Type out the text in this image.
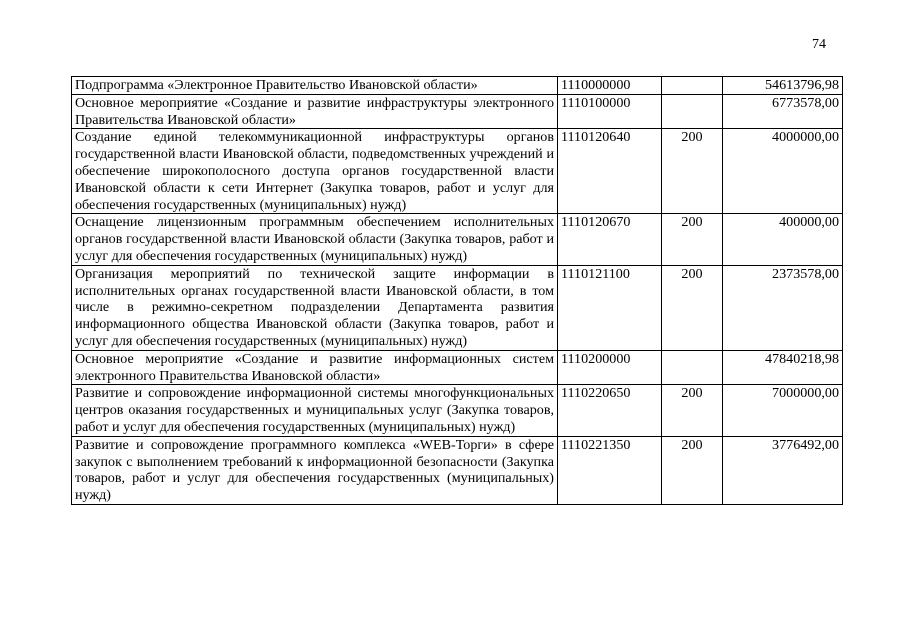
74
Подпрограмма «Электронное Правительство Ивановской области»	1110000000		54613796,98
Основное мероприятие «Создание и развитие инфраструктуры электронного Правительства Ивановской области»	1110100000		6773578,00
Создание единой телекоммуникационной инфраструктуры органов государственной власти Ивановской области, подведомственных учреждений и обеспечение широкополосного доступа органов государственной власти Ивановской области к сети Интернет (Закупка товаров, работ и услуг для обеспечения государственных (муниципальных) нужд)	1110120640	200	4000000,00
Оснащение лицензионным программным обеспечением исполнительных органов государственной власти Ивановской области (Закупка товаров, работ и услуг для обеспечения государственных (муниципальных) нужд)	1110120670	200	400000,00
Организация мероприятий по технической защите информации в исполнительных органах государственной власти Ивановской области, в том числе в режимно-секретном подразделении Департамента развития информационного общества Ивановской области (Закупка товаров, работ и услуг для обеспечения государственных (муниципальных) нужд)	1110121100	200	2373578,00
Основное мероприятие «Создание и развитие информационных систем электронного Правительства Ивановской области»	1110200000		47840218,98
Развитие и сопровождение информационной системы многофункциональных центров оказания государственных и муниципальных услуг (Закупка товаров, работ и услуг для обеспечения государственных (муниципальных) нужд)	1110220650	200	7000000,00
Развитие и сопровождение программного комплекса «WEB-Торги» в сфере закупок с выполнением требований к информационной безопасности (Закупка товаров, работ и услуг для обеспечения государственных (муниципальных) нужд)	1110221350	200	3776492,00
